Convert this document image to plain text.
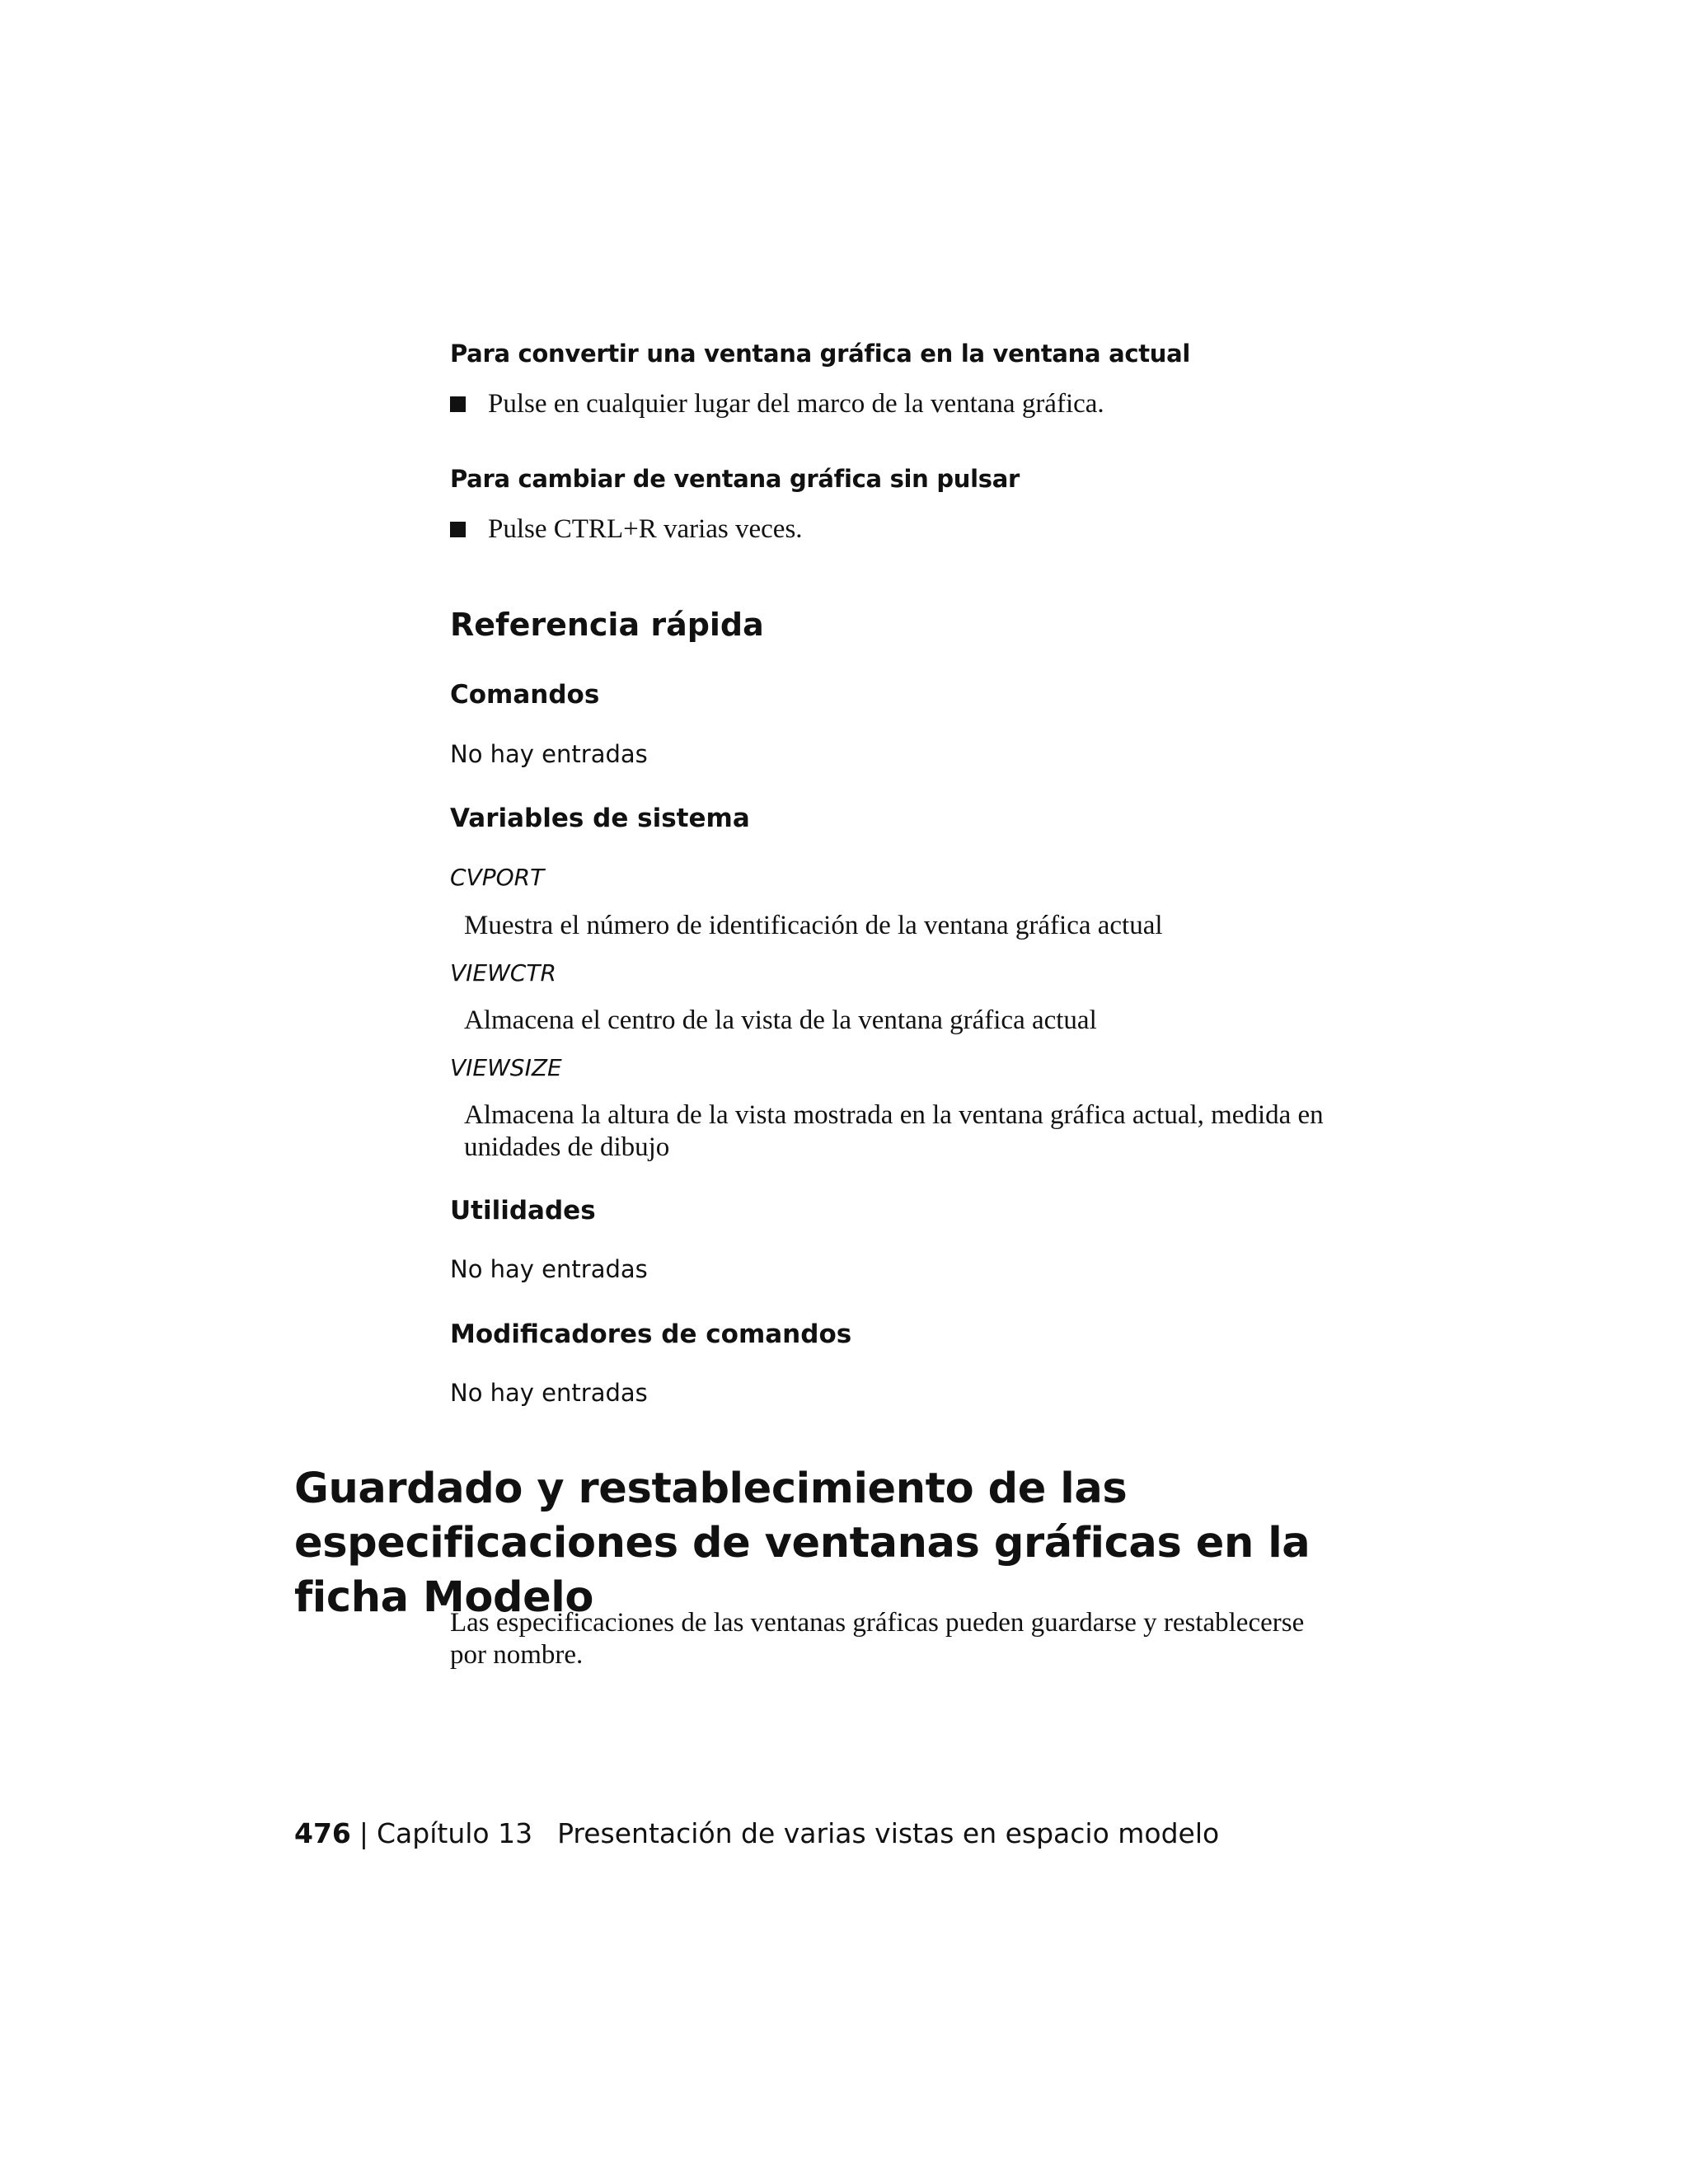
Para convertir una ventana gráfica en la ventana actual
Pulse en cualquier lugar del marco de la ventana gráfica.
Para cambiar de ventana gráfica sin pulsar
Pulse CTRL+R varias veces.
Referencia rápida
Comandos
No hay entradas
Variables de sistema
CVPORT
Muestra el número de identificación de la ventana gráfica actual
VIEWCTR
Almacena el centro de la vista de la ventana gráfica actual
VIEWSIZE
Almacena la altura de la vista mostrada en la ventana gráfica actual, medida en unidades de dibujo
Utilidades
No hay entradas
Modificadores de comandos
No hay entradas
Guardado y restablecimiento de las especificaciones de ventanas gráficas en la ficha Modelo
Las especificaciones de las ventanas gráficas pueden guardarse y restablecerse por nombre.
476 | Capítulo 13 Presentación de varias vistas en espacio modelo
